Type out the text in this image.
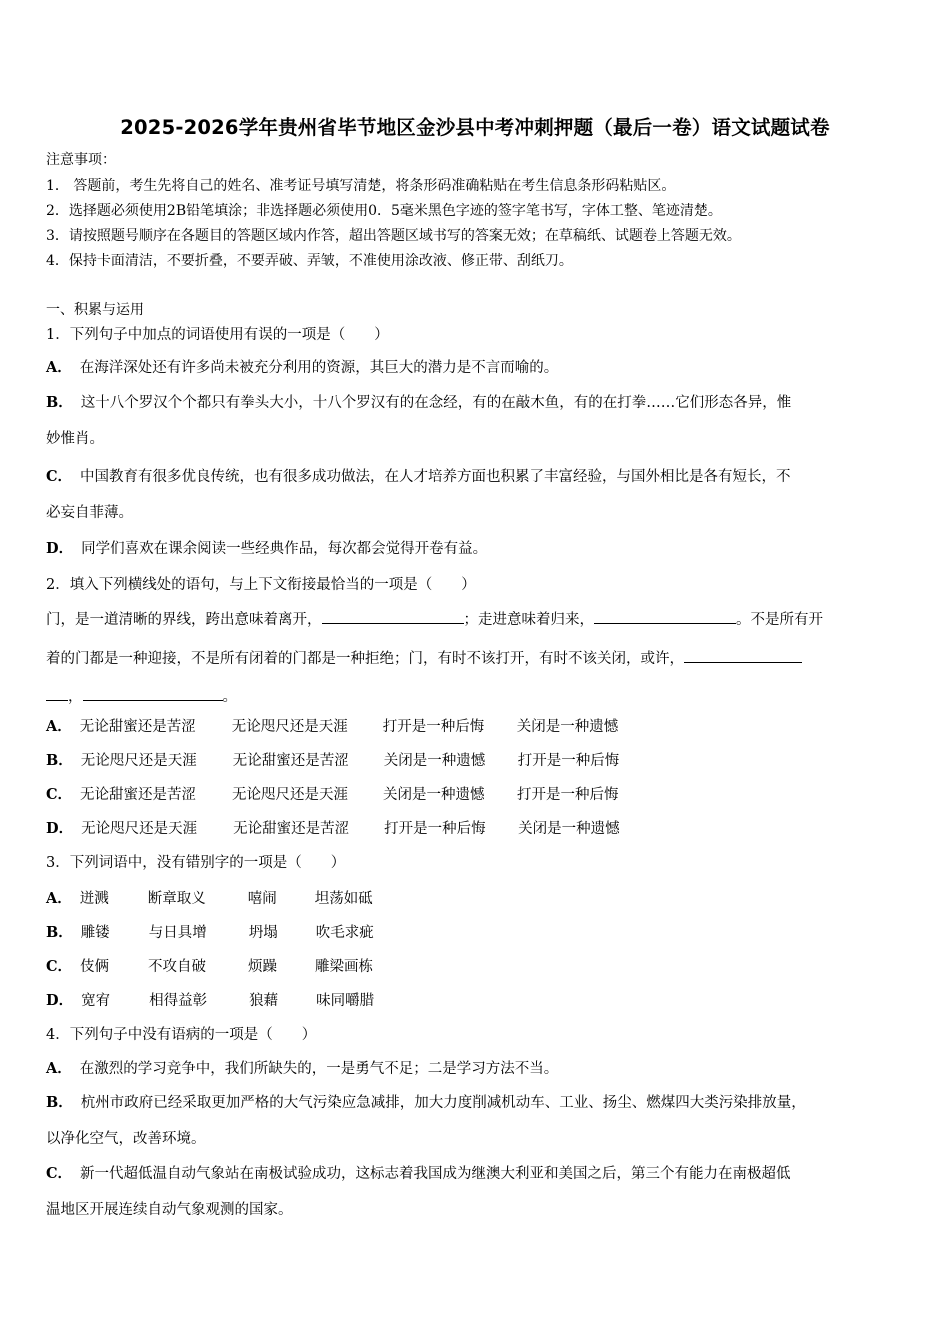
2025-2026学年贵州省毕节地区金沙县中考冲刺押题（最后一卷）语文试题试卷
注意事项：
1． 答题前，考生先将自己的姓名、准考证号填写清楚，将条形码准确粘贴在考生信息条形码粘贴区。
2．选择题必须使用2B铅笔填涂；非选择题必须使用0．5毫米黑色字迹的签字笔书写，字体工整、笔迹清楚。
3．请按照题号顺序在各题目的答题区域内作答，超出答题区域书写的答案无效；在草稿纸、试题卷上答题无效。
4．保持卡面清洁，不要折叠，不要弄破、弄皱，不准使用涂改液、修正带、刮纸刀。
一、积累与运用
1．下列句子中加点的词语使用有误的一项是（　　）
A． 在海洋深处还有许多尚未被充分利用的资源，其巨大的潜力是不言而喻的。
B． 这十八个罗汉个个都只有拳头大小，十八个罗汉有的在念经，有的在敲木鱼，有的在打拳……它们形态各异，惟
妙惟肖。
C． 中国教育有很多优良传统，也有很多成功做法，在人才培养方面也积累了丰富经验，与国外相比是各有短长，不
必妄自菲薄。
D． 同学们喜欢在课余阅读一些经典作品，每次都会觉得开卷有益。
2．填入下列横线处的语句，与上下文衔接最恰当的一项是（　　）
门，是一道清晰的界线，跨出意味着离开，	；走进意味着归来，	。不是所有开
着的门都是一种迎接，不是所有闭着的门都是一种拒绝；门，有时不该打开，有时不该关闭，或许，
，	。
A． 无论甜蜜还是苦涩 无论咫尺还是天涯 打开是一种后悔 关闭是一种遗憾
B． 无论咫尺还是天涯 无论甜蜜还是苦涩 关闭是一种遗憾 打开是一种后悔
C． 无论甜蜜还是苦涩 无论咫尺还是天涯 关闭是一种遗憾 打开是一种后悔
D． 无论咫尺还是天涯 无论甜蜜还是苦涩 打开是一种后悔 关闭是一种遗憾
3．下列词语中，没有错别字的一项是（　　）
A． 迸溅	断章取义	嘻闹	坦荡如砥
B． 雕镂	与日具增	坍塌	吹毛求疵
C． 伎俩	不攻自破	烦躁	雕梁画栋
D． 宽宥	相得益彰	狼藉	味同嚼腊
4．下列句子中没有语病的一项是（　　）
A． 在激烈的学习竞争中，我们所缺失的，一是勇气不足；二是学习方法不当。
B． 杭州市政府已经采取更加严格的大气污染应急减排，加大力度削减机动车、工业、扬尘、燃煤四大类污染排放量，
以净化空气，改善环境。
C． 新一代超低温自动气象站在南极试验成功，这标志着我国成为继澳大利亚和美国之后，第三个有能力在南极超低
温地区开展连续自动气象观测的国家。
